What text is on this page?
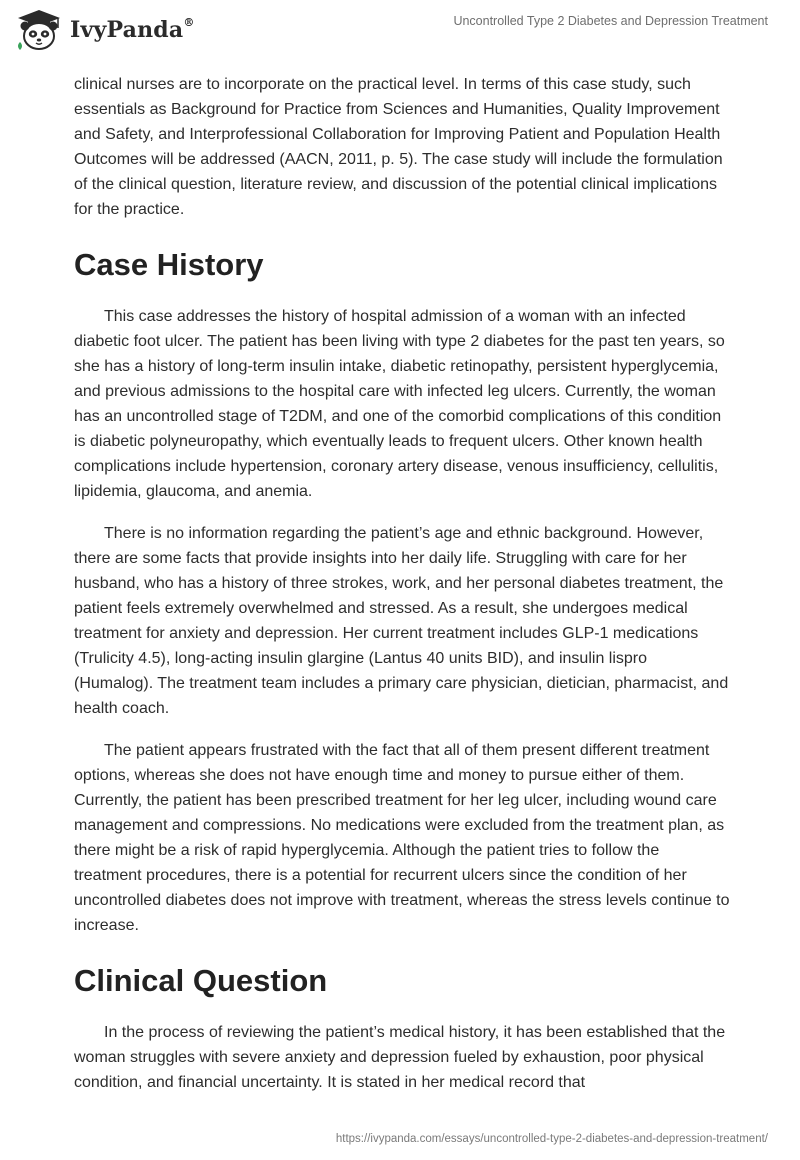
IvyPanda®	Uncontrolled Type 2 Diabetes and Depression Treatment

clinical nurses are to incorporate on the practical level. In terms of this case study, such essentials as Background for Practice from Sciences and Humanities, Quality Improvement and Safety, and Interprofessional Collaboration for Improving Patient and Population Health Outcomes will be addressed (AACN, 2011, p. 5). The case study will include the formulation of the clinical question, literature review, and discussion of the potential clinical implications for the practice.

Case History

This case addresses the history of hospital admission of a woman with an infected diabetic foot ulcer. The patient has been living with type 2 diabetes for the past ten years, so she has a history of long-term insulin intake, diabetic retinopathy, persistent hyperglycemia, and previous admissions to the hospital care with infected leg ulcers. Currently, the woman has an uncontrolled stage of T2DM, and one of the comorbid complications of this condition is diabetic polyneuropathy, which eventually leads to frequent ulcers. Other known health complications include hypertension, coronary artery disease, venous insufficiency, cellulitis, lipidemia, glaucoma, and anemia.

There is no information regarding the patient’s age and ethnic background. However, there are some facts that provide insights into her daily life. Struggling with care for her husband, who has a history of three strokes, work, and her personal diabetes treatment, the patient feels extremely overwhelmed and stressed. As a result, she undergoes medical treatment for anxiety and depression. Her current treatment includes GLP-1 medications (Trulicity 4.5), long-acting insulin glargine (Lantus 40 units BID), and insulin lispro (Humalog). The treatment team includes a primary care physician, dietician, pharmacist, and health coach.

The patient appears frustrated with the fact that all of them present different treatment options, whereas she does not have enough time and money to pursue either of them. Currently, the patient has been prescribed treatment for her leg ulcer, including wound care management and compressions. No medications were excluded from the treatment plan, as there might be a risk of rapid hyperglycemia. Although the patient tries to follow the treatment procedures, there is a potential for recurrent ulcers since the condition of her uncontrolled diabetes does not improve with treatment, whereas the stress levels continue to increase.

Clinical Question

In the process of reviewing the patient’s medical history, it has been established that the woman struggles with severe anxiety and depression fueled by exhaustion, poor physical condition, and financial uncertainty. It is stated in her medical record that

https://ivypanda.com/essays/uncontrolled-type-2-diabetes-and-depression-treatment/
